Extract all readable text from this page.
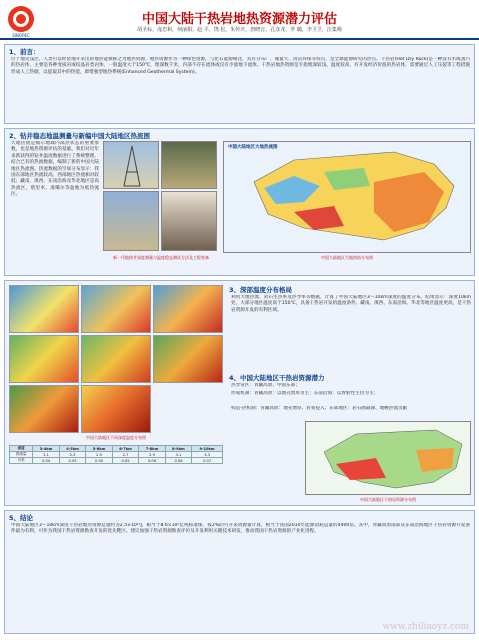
SINOPEC
中国大陆干热岩地热资源潜力评估
胡圣标，庞忠和，何丽娟，赵 平，饶 松，朱传庆，唐晓音，孔彦龙，罗 璐，李卫卫，汪集暘
1、前言：
位于地壳浅层，人类可以经济地开采出的地热能被称之为地热资源。地热资源作为一种绿色资源，与化石能源相比，具有分布广、储量大、清洁环保等特点，是全球能源研究的热点。干热岩(Hot Dry Rock)是一种没有水或蒸汽的热岩体，主要是各种变质岩或结晶岩类岩体，一般温度大于150℃，埋深数千米，内部不存在流体或仅有少量地下流体。干热岩地热资源是专指埋深较浅、温度较高、有开发经济价值的热岩体，需要通过人工压裂等工程措施形成人工热储，以提取其中的热能，即增强型地热系统(Enhanced Geothermal System)。
2、钻井稳态地温测量与新编中国大陆地区热流图
大地热流是揭示地球内部热状态的重要参数，也是地热资源评估的基础。我们对近年来新获得的钻井温度数据进行了系统整理，结合已有的热流数据，编制了新的中国大陆地区热流图。热流数据的空间分布显示：我国东部地区热流较高，西部地区热流相对较低；藏南、滇西、东南沿海及华北地区是高热流区，塔里木、准噶尔等盆地为低热流区。
新一代地热井深度测量与温度稳态测试方法及工程装备
中国大陆地区大地热流图
中国大陆地区大地热流分布图
中国大陆地区不同深度温度分布图
深度	3-4km	4-5km	5-6km	6-7km	7-8km	8-9km	9-10km
资源量	2.1	2.3	2.5	2.7	2.9	3.1	3.3
可采	0.04	0.05	0.05	0.05	0.06	0.06	0.07
3、深部温度分布格局
利用大地热流、岩石生热率及热导率等数据，计算了中国大陆地区3～10km深度的温度分布。结果显示：深度10km处，大部分地区温度高于150℃，具备干热岩开发的温度条件。藏南、滇西、东南沿海、华北等地区温度更高，是干热岩资源开发的有利区域。
4、中国大陆地区干热岩资源潜力
热异常区：青藏高原、中国东部；
形成机制：青藏高原：以地壳增厚为主；东南沿海：以放射性生热为主；
构造-热机制：青藏高原：地壳增厚、岩浆侵入；东部地区：岩石圈减薄、地幔热流贡献
中国大陆地区干热岩资源分布图
5、结论
中国大陆地区3～10km深度干热岩地热资源总量约为2.5×10²⁵J，相当于8.6×10⁶亿吨标准煤，按2%的可开采资源量计算，相当于我国2010年能源消耗总量的4400倍。其中，青藏高原南部及东南沿海地区干热岩资源开发条件最为有利，可作为我国干热岩资源勘查开发的优先靶区。建议加强干热岩资源勘查评价及开发利用关键技术研发，推动我国干热岩资源的产业化进程。
www.zhiliaoyz.com
